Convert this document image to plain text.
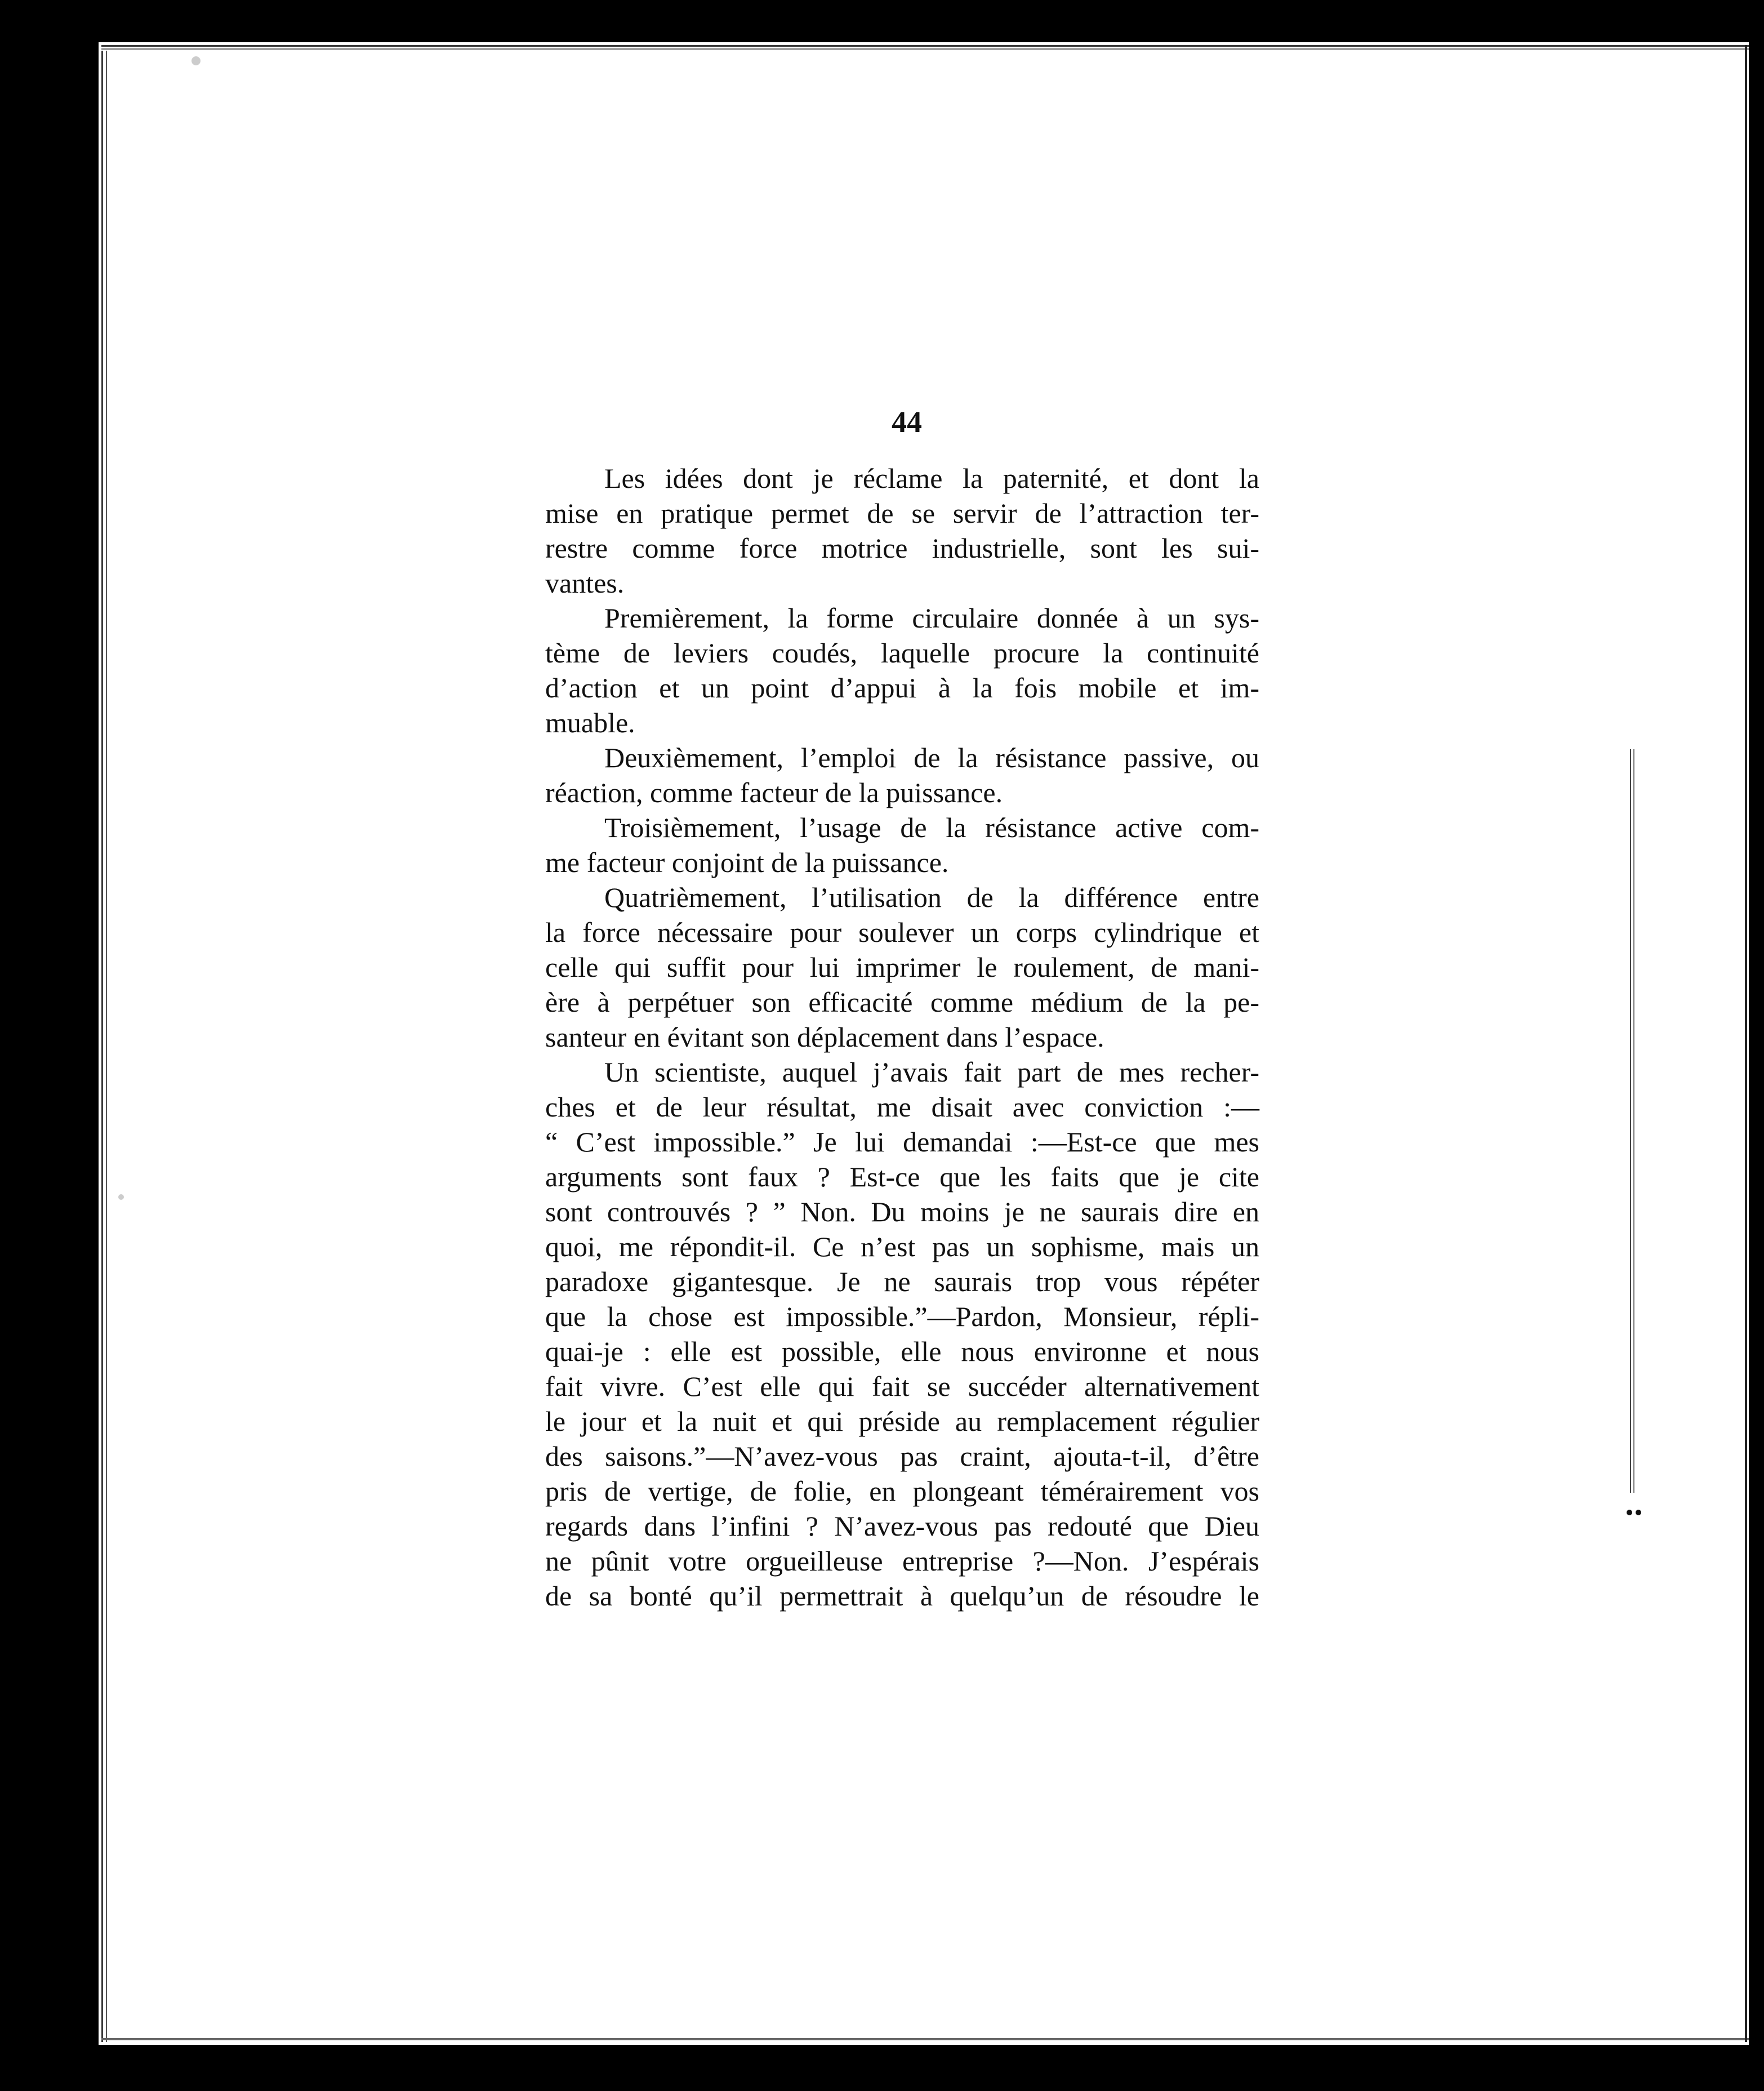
44
Les idées dont je réclame la paternité, et dont la
mise en pratique permet de se servir de l’attraction ter-
restre comme force motrice industrielle, sont les sui-
vantes.
Premièrement, la forme circulaire donnée à un sys-
tème de leviers coudés, laquelle procure la continuité
d’action et un point d’appui à la fois mobile et im-
muable.
Deuxièmement, l’emploi de la résistance passive, ou
réaction, comme facteur de la puissance.
Troisièmement, l’usage de la résistance active com-
me facteur conjoint de la puissance.
Quatrièmement, l’utilisation de la différence entre
la force nécessaire pour soulever un corps cylindrique et
celle qui suffit pour lui imprimer le roulement, de mani-
ère à perpétuer son efficacité comme médium de la pe-
santeur en évitant son déplacement dans l’espace.
Un scientiste, auquel j’avais fait part de mes recher-
ches et de leur résultat, me disait avec conviction :—
“ C’est impossible.” Je lui demandai :—Est-ce que mes
arguments sont faux ? Est-ce que les faits que je cite
sont controuvés ? ” Non. Du moins je ne saurais dire en
quoi, me répondit-il. Ce n’est pas un sophisme, mais un
paradoxe gigantesque. Je ne saurais trop vous répéter
que la chose est impossible.”—Pardon, Monsieur, répli-
quai-je : elle est possible, elle nous environne et nous
fait vivre. C’est elle qui fait se succéder alternativement
le jour et la nuit et qui préside au remplacement régulier
des saisons.”—N’avez-vous pas craint, ajouta-t-il, d’être
pris de vertige, de folie, en plongeant témérairement vos
regards dans l’infini ? N’avez-vous pas redouté que Dieu
ne pûnit votre orgueilleuse entreprise ?—Non. J’espérais
de sa bonté qu’il permettrait à quelqu’un de résoudre le
